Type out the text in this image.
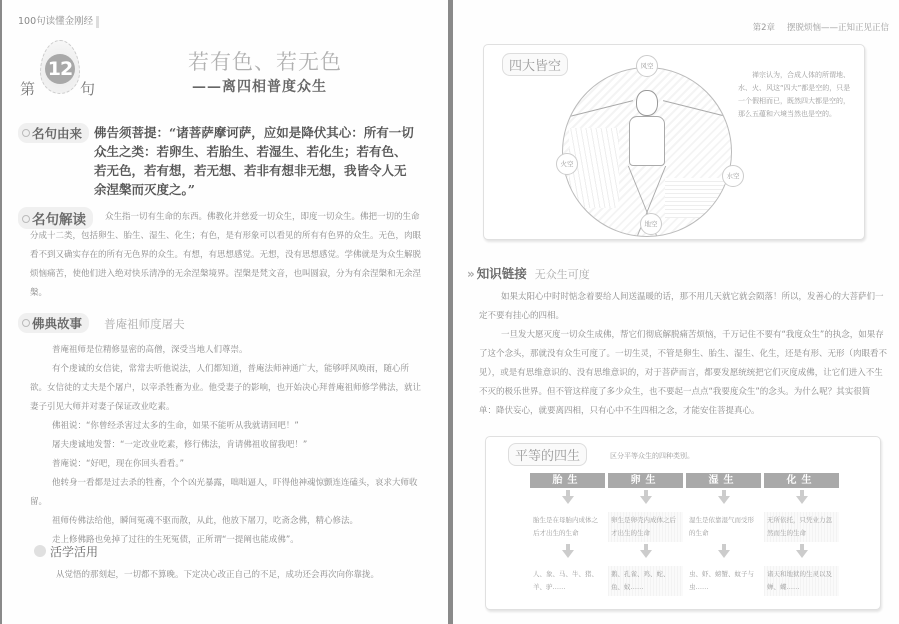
100句读懂金刚经
第
12
句
若有色、若无色
——离四相普度众生
名句由来 佛告须菩提：“诸菩萨摩诃萨，应如是降伏其心：所有一切众生之类：若卵生、若胎生、若湿生、若化生；若有色、若无色，若有想，若无想、若非有想非无想，我皆令人无余涅槃而灭度之。”
名句解读	众生指一切有生命的东西。佛教化并慈爱一切众生，即度一切众生。佛把一切的生命分成十二类，包括卵生、胎生、湿生、化生；有色，是有形象可以看见的所有有色界的众生。无色，肉眼看不到又确实存在的所有无色界的众生。有想，有思想感觉。无想，没有思想感觉。学佛就是为众生解脱烦恼痛苦，使他们进入绝对快乐清净的无余涅槃境界。涅槃是梵文音，也叫圆寂，分为有余涅槃和无余涅槃。
佛典故事 普庵祖师度屠夫

普庵祖师是位精修显密的高僧，深受当地人们尊崇。

有个虔诚的女信徒，常常去听他说法，人们都知道，普庵法师神通广大，能够呼风唤雨，随心所欲。女信徒的丈夫是个屠户，以宰杀牲畜为业。他受妻子的影响，也开始决心拜普庵祖师修学佛法，就让妻子引见大师并对妻子保证改业吃素。

佛祖说：“你曾经杀害过太多的生命，如果不能听从我就请回吧！”

屠夫虔诚地发誓：“一定改业吃素，修行佛法，肯请佛祖收留我吧！”

普庵说：“好吧，现在你回头看看。”

他转身一看都是过去杀的牲畜，个个凶光暴露，咄咄逼人，吓得他神魂惊颤连连磕头，哀求大师收留。

祖师传佛法给他，瞬间冤魂不驱而散，从此，他放下屠刀，吃斋念佛，精心修法。

走上修佛路也免掉了过往的生死冤债，正所谓“一提阐也能成佛”。

活学活用
从觉悟的那刻起，一切都不算晚。下定决心改正自己的不足，成功还会再次向你靠拢。
第2章 摆脱烦恼——正知正见正信
四大皆空	风空
火空
水空
地空
禅宗认为，合成人体的所谓地、水、火、风这“四大”都是空的，只是一个假相而已，既然四大都是空的，那么五蕴和六境当然也是空的。
» 知识链接 无众生可度

如果太阳心中时时惦念着要给人间送温暖的话，那不用几天就它就会陨落！所以，发善心的大菩萨们一定不要有挂心的四相。

一旦发大愿灭度一切众生成佛，帮它们彻底解脱痛苦烦恼，千万记住不要有“我度众生”的执念，如果存了这个念头，那就没有众生可度了。一切生灵，不管是卵生、胎生、湿生、化生，还是有形、无形（肉眼看不见），或是有思维意识的、没有思维意识的，对于菩萨而言，都要发愿统统把它们灭度成佛，让它们进入不生不灭的极乐世界。但不管这样度了多少众生，也不要起一点点“我要度众生”的念头。为什么呢？其实很简单：降伏妄心，就要离四相，只有心中不生四相之念，才能安住菩提真心。

平等的四生	区分平等众生的四种类别。
胎生
胎生是在母胎内成体之后才出生的生命
人、象、马、牛、猪、羊、驴……
卵生
卵生是卵壳内成体之后才出生的生命
鹅、孔雀、鸡、蛇、鱼、蚁……
湿生
湿生是依靠湿气而受形的生命
虫、虾、螃蟹、蚊子与虫……
化生
无所依托，只凭业力忽然而生的生命
诸天和地狱的生灵以及蝉、蝶……
